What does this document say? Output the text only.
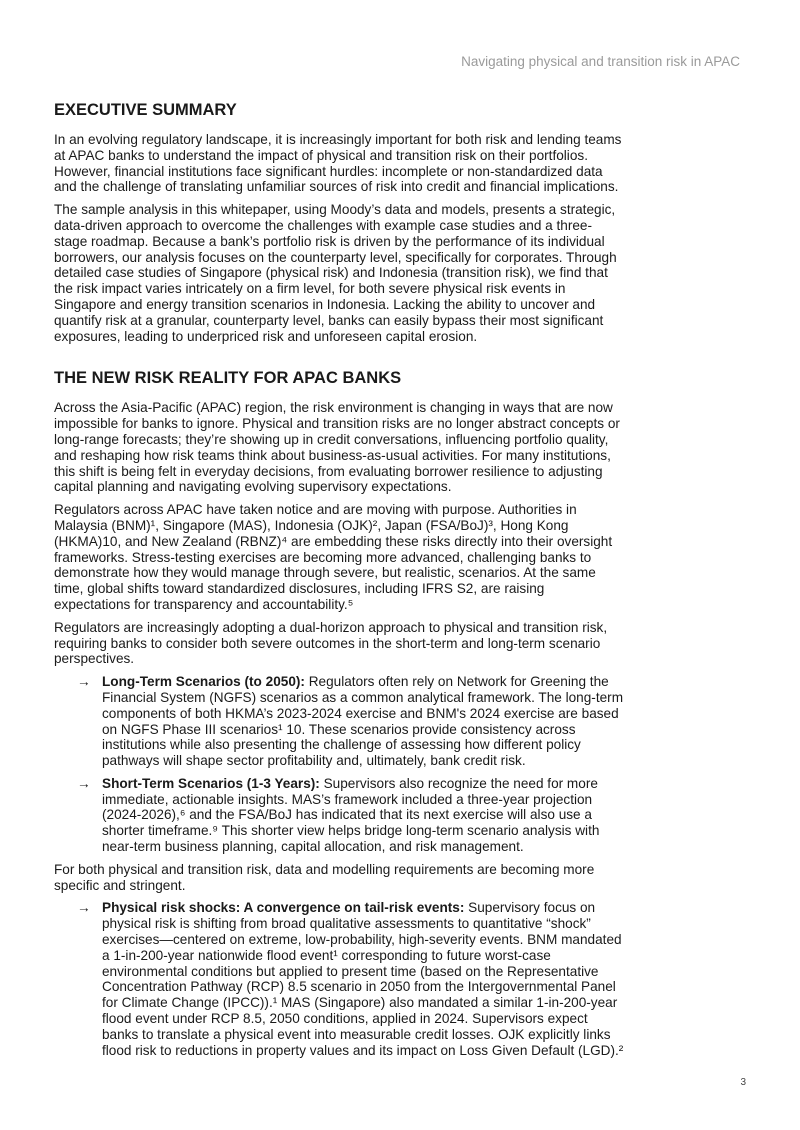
Navigating physical and transition risk in APAC
EXECUTIVE SUMMARY

In an evolving regulatory landscape, it is increasingly important for both risk and lending teams at APAC banks to understand the impact of physical and transition risk on their portfolios. However, financial institutions face significant hurdles: incomplete or non-standardized data and the challenge of translating unfamiliar sources of risk into credit and financial implications.

The sample analysis in this whitepaper, using Moody’s data and models, presents a strategic, data-driven approach to overcome the challenges with example case studies and a three-stage roadmap. Because a bank’s portfolio risk is driven by the performance of its individual borrowers, our analysis focuses on the counterparty level, specifically for corporates. Through detailed case studies of Singapore (physical risk) and Indonesia (transition risk), we find that the risk impact varies intricately on a firm level, for both severe physical risk events in Singapore and energy transition scenarios in Indonesia. Lacking the ability to uncover and quantify risk at a granular, counterparty level, banks can easily bypass their most significant exposures, leading to underpriced risk and unforeseen capital erosion.

THE NEW RISK REALITY FOR APAC BANKS

Across the Asia-Pacific (APAC) region, the risk environment is changing in ways that are now impossible for banks to ignore. Physical and transition risks are no longer abstract concepts or long-range forecasts; they’re showing up in credit conversations, influencing portfolio quality, and reshaping how risk teams think about business-as-usual activities. For many institutions, this shift is being felt in everyday decisions, from evaluating borrower resilience to adjusting capital planning and navigating evolving supervisory expectations.

Regulators across APAC have taken notice and are moving with purpose. Authorities in Malaysia (BNM)¹, Singapore (MAS), Indonesia (OJK)², Japan (FSA/BoJ)³, Hong Kong (HKMA)10, and New Zealand (RBNZ)⁴ are embedding these risks directly into their oversight frameworks. Stress-testing exercises are becoming more advanced, challenging banks to demonstrate how they would manage through severe, but realistic, scenarios. At the same time, global shifts toward standardized disclosures, including IFRS S2, are raising expectations for transparency and accountability.⁵

Regulators are increasingly adopting a dual-horizon approach to physical and transition risk, requiring banks to consider both severe outcomes in the short-term and long-term scenario perspectives.

→ Long-Term Scenarios (to 2050): Regulators often rely on Network for Greening the Financial System (NGFS) scenarios as a common analytical framework. The long-term components of both HKMA’s 2023-2024 exercise and BNM's 2024 exercise are based on NGFS Phase III scenarios¹ 10. These scenarios provide consistency across institutions while also presenting the challenge of assessing how different policy pathways will shape sector profitability and, ultimately, bank credit risk.
→ Short-Term Scenarios (1-3 Years): Supervisors also recognize the need for more immediate, actionable insights. MAS’s framework included a three-year projection (2024-2026),⁶ and the FSA/BoJ has indicated that its next exercise will also use a shorter timeframe.⁹ This shorter view helps bridge long-term scenario analysis with near-term business planning, capital allocation, and risk management.

For both physical and transition risk, data and modelling requirements are becoming more specific and stringent.

→ Physical risk shocks: A convergence on tail-risk events: Supervisory focus on physical risk is shifting from broad qualitative assessments to quantitative “shock” exercises—centered on extreme, low-probability, high-severity events. BNM mandated a 1-in-200-year nationwide flood event¹ corresponding to future worst-case environmental conditions but applied to present time (based on the Representative Concentration Pathway (RCP) 8.5 scenario in 2050 from the Intergovernmental Panel for Climate Change (IPCC)).¹ MAS (Singapore) also mandated a similar 1-in-200-year flood event under RCP 8.5, 2050 conditions, applied in 2024. Supervisors expect banks to translate a physical event into measurable credit losses. OJK explicitly links flood risk to reductions in property values and its impact on Loss Given Default (LGD).²
3
